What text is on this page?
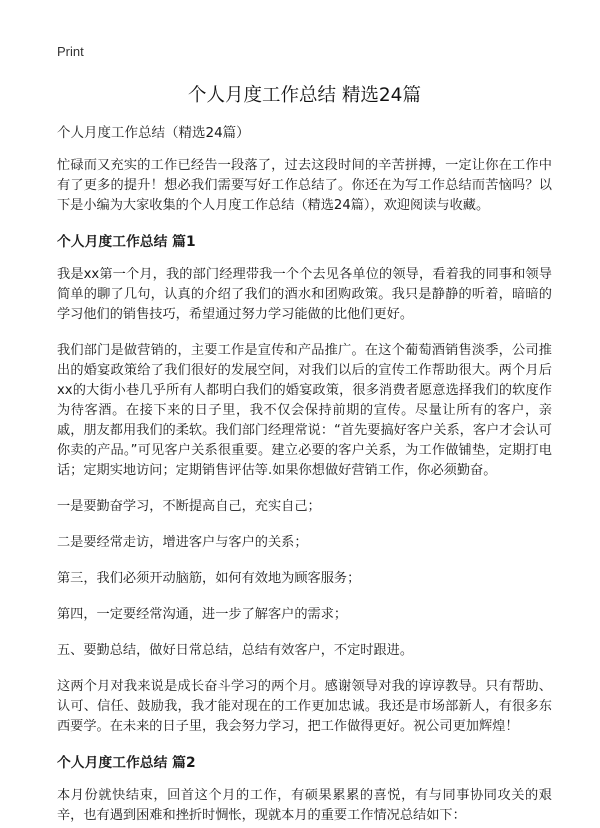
Print
个人月度工作总结 精选24篇
个人月度工作总结（精选24篇）

忙碌而又充实的工作已经告一段落了，过去这段时间的辛苦拼搏，一定让你在工作中有了更多的提升！想必我们需要写好工作总结了。你还在为写工作总结而苦恼吗？以下是小编为大家收集的个人月度工作总结（精选24篇），欢迎阅读与收藏。

个人月度工作总结 篇1

我是xx第一个月，我的部门经理带我一个个去见各单位的领导，看着我的同事和领导简单的聊了几句，认真的介绍了我们的酒水和团购政策。我只是静静的听着，暗暗的学习他们的销售技巧，希望通过努力学习能做的比他们更好。

我们部门是做营销的，主要工作是宣传和产品推广。在这个葡萄酒销售淡季，公司推出的婚宴政策给了我们很好的发展空间，对我们以后的宣传工作帮助很大。两个月后xx的大街小巷几乎所有人都明白我们的婚宴政策，很多消费者愿意选择我们的软度作为待客酒。在接下来的日子里，我不仅会保持前期的宣传。尽量让所有的客户，亲戚，朋友都用我们的柔软。我们部门经理常说：“首先要搞好客户关系，客户才会认可你卖的产品。”可见客户关系很重要。建立必要的客户关系，为工作做铺垫，定期打电话；定期实地访问；定期销售评估等.如果你想做好营销工作，你必须勤奋。

一是要勤奋学习，不断提高自己，充实自己；

二是要经常走访，增进客户与客户的关系；

第三，我们必须开动脑筋，如何有效地为顾客服务；

第四，一定要经常沟通，进一步了解客户的需求；

五、要勤总结，做好日常总结，总结有效客户，不定时跟进。

这两个月对我来说是成长奋斗学习的两个月。感谢领导对我的谆谆教导。只有帮助、认可、信任、鼓励我，我才能对现在的工作更加忠诚。我还是市场部新人，有很多东西要学。在未来的日子里，我会努力学习，把工作做得更好。祝公司更加辉煌！

个人月度工作总结 篇2

本月份就快结束，回首这个月的工作，有硕果累累的喜悦，有与同事协同攻关的艰辛，也有遇到困难和挫折时惆怅，现就本月的重要工作情况总结如下：
